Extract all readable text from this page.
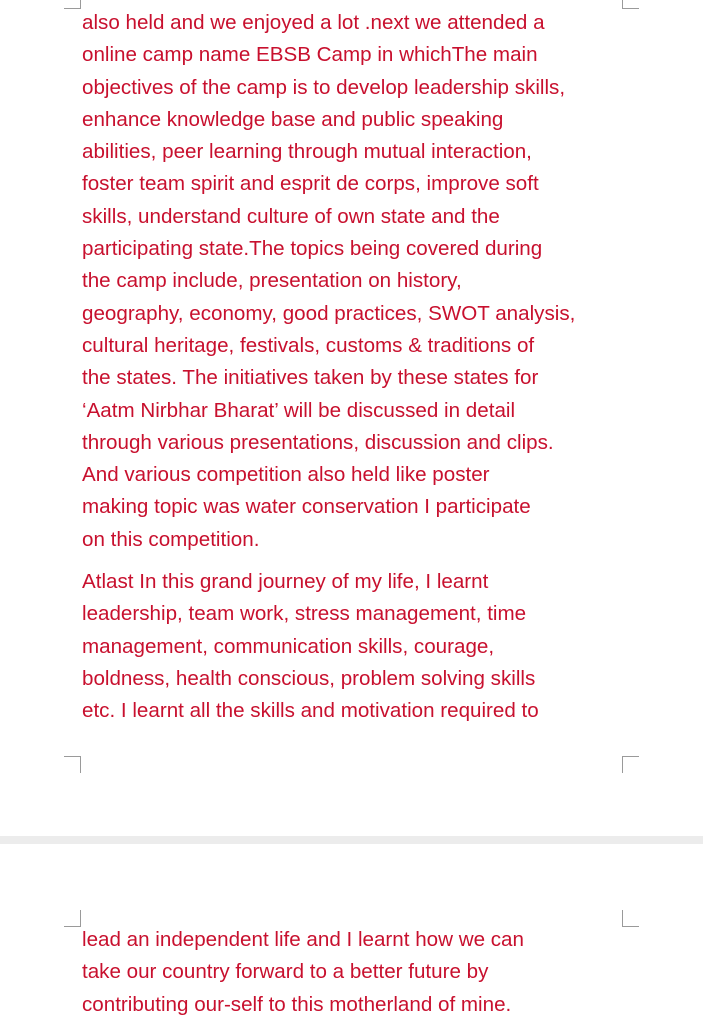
also held and we enjoyed a lot .next we attended a
online camp name EBSB Camp in whichThe main
objectives of the camp is to develop leadership skills,
enhance knowledge base and public speaking
abilities, peer learning through mutual interaction,
foster team spirit and esprit de corps, improve soft
skills, understand culture of own state and the
participating state.The topics being covered during
the camp include, presentation on history,
geography, economy, good practices, SWOT analysis,
cultural heritage, festivals, customs & traditions of
the states. The initiatives taken by these states for
‘Aatm Nirbhar Bharat’ will be discussed in detail
through various presentations, discussion and clips.
And various competition also held like poster
making topic was water conservation I participate
on this competition.
Atlast In this grand journey of my life, I learnt
leadership, team work, stress management, time
management, communication skills, courage,
boldness, health conscious, problem solving skills
etc. I learnt all the skills and motivation required to
lead an independent life and I learnt how we can
take our country forward to a better future by
contributing our-self to this motherland of mine.
